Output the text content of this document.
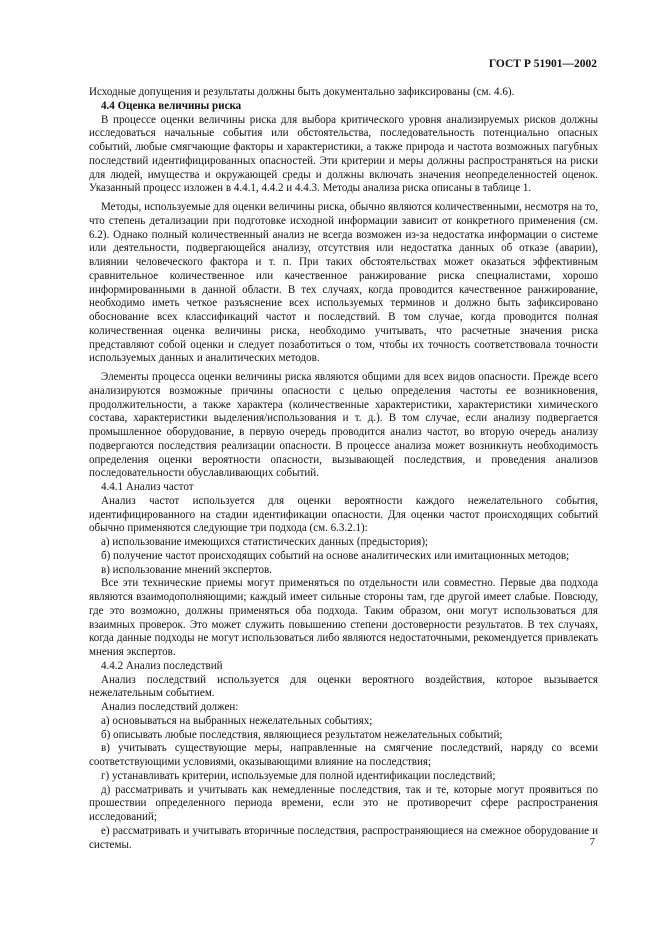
ГОСТ Р 51901—2002

Исходные допущения и результаты должны быть документально зафиксированы (см. 4.6).

4.4 Оценка величины риска

В процессе оценки величины риска для выбора критического уровня анализируемых рисков должны исследоваться начальные события или обстоятельства, последовательность потенциально опасных событий, любые смягчающие факторы и характеристики, а также природа и частота возможных пагубных последствий идентифицированных опасностей. Эти критерии и меры должны распространяться на риски для людей, имущества и окружающей среды и должны включать значения неопределенностей оценок. Указанный процесс изложен в 4.4.1, 4.4.2 и 4.4.3. Методы анализа риска описаны в таблице 1.

Методы, используемые для оценки величины риска, обычно являются количественными, несмотря на то, что степень детализации при подготовке исходной информации зависит от конкретного применения (см. 6.2). Однако полный количественный анализ не всегда возможен из-за недостатка информации о системе или деятельности, подвергающейся анализу, отсутствия или недостатка данных об отказе (аварии), влиянии человеческого фактора и т. п. При таких обстоятельствах может оказаться эффективным сравнительное количественное или качественное ранжирование риска специалистами, хорошо информированными в данной области. В тех случаях, когда проводится качественное ранжирование, необходимо иметь четкое разъяснение всех используемых терминов и должно быть зафиксировано обоснование всех классификаций частот и последствий. В том случае, когда проводится полная количественная оценка величины риска, необходимо учитывать, что расчетные значения риска представляют собой оценки и следует позаботиться о том, чтобы их точность соответствовала точности используемых данных и аналитических методов.

Элементы процесса оценки величины риска являются общими для всех видов опасности. Прежде всего анализируются возможные причины опасности с целью определения частоты ее возникновения, продолжительности, а также характера (количественные характеристики, характеристики химического состава, характеристики выделения/использования и т. д.). В том случае, если анализу подвергается промышленное оборудование, в первую очередь проводится анализ частот, во вторую очередь анализу подвергаются последствия реализации опасности. В процессе анализа может возникнуть необходимость определения оценки вероятности опасности, вызывающей последствия, и проведения анализов последовательности обуславливающих событий.

4.4.1 Анализ частот

Анализ частот используется для оценки вероятности каждого нежелательного события, идентифицированного на стадии идентификации опасности. Для оценки частот происходящих событий обычно применяются следующие три подхода (см. 6.3.2.1):

а) использование имеющихся статистических данных (предыстория);

б) получение частот происходящих событий на основе аналитических или имитационных методов;

в) использование мнений экспертов.

Все эти технические приемы могут применяться по отдельности или совместно. Первые два подхода являются взаимодополняющими; каждый имеет сильные стороны там, где другой имеет слабые. Повсюду, где это возможно, должны применяться оба подхода. Таким образом, они могут использоваться для взаимных проверок. Это может служить повышению степени достоверности результатов. В тех случаях, когда данные подходы не могут использоваться либо являются недостаточными, рекомендуется привлекать мнения экспертов.

4.4.2 Анализ последствий

Анализ последствий используется для оценки вероятного воздействия, которое вызывается нежелательным событием.

Анализ последствий должен:

а) основываться на выбранных нежелательных событиях;

б) описывать любые последствия, являющиеся результатом нежелательных событий;

в) учитывать существующие меры, направленные на смягчение последствий, наряду со всеми соответствующими условиями, оказывающими влияние на последствия;

г) устанавливать критерии, используемые для полной идентификации последствий;

д) рассматривать и учитывать как немедленные последствия, так и те, которые могут проявиться по прошествии определенного периода времени, если это не противоречит сфере распространения исследований;

е) рассматривать и учитывать вторичные последствия, распространяющиеся на смежное оборудование и системы.	7
